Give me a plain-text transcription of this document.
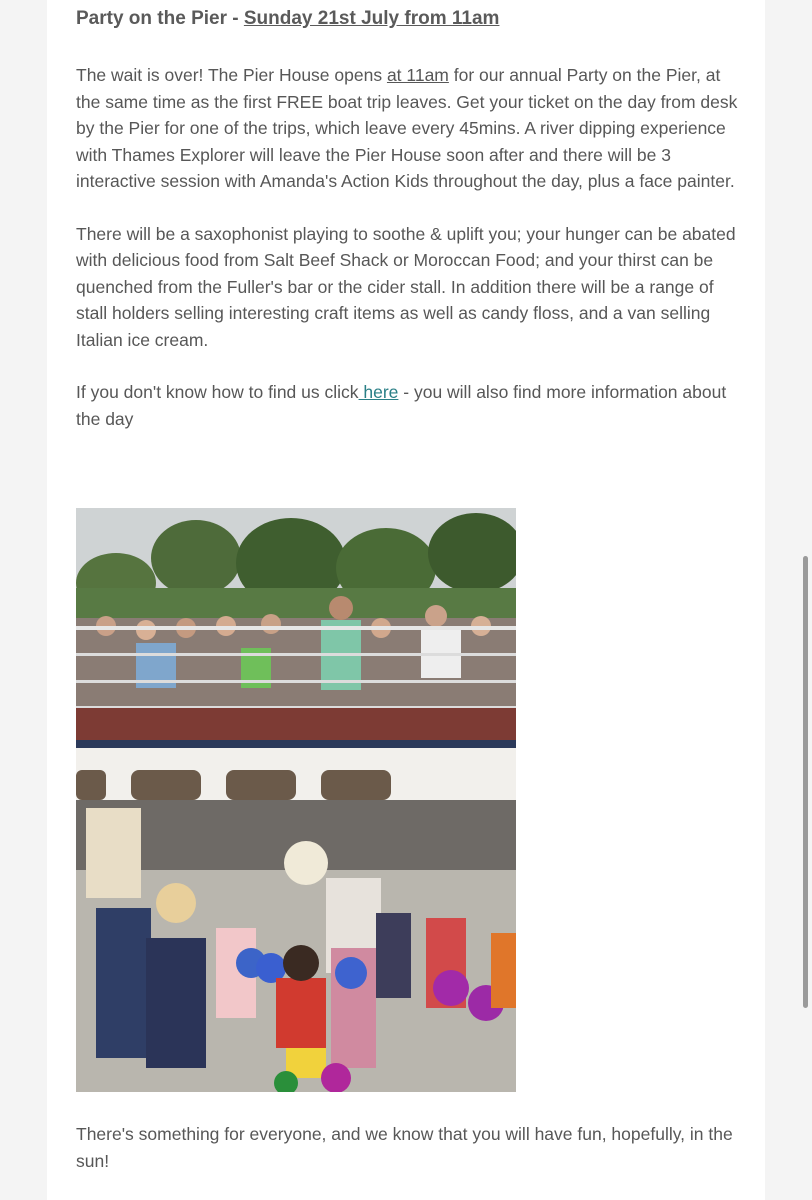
Party on the Pier - Sunday 21st July from 11am

The wait is over! The Pier House opens at 11am for our annual Party on the Pier, at the same time as the first FREE boat trip leaves. Get your ticket on the day from desk by the Pier for one of the trips, which leave every 45mins. A river dipping experience with Thames Explorer will leave the Pier House soon after and there will be 3 interactive session with Amanda's Action Kids throughout the day, plus a face painter.

There will be a saxophonist playing to soothe & uplift you; your hunger can be abated with delicious food from Salt Beef Shack or Moroccan Food; and your thirst can be quenched from the Fuller's bar or the cider stall. In addition there will be a range of stall holders selling interesting craft items as well as candy floss, and a van selling Italian ice cream.

If you don't know how to find us click here - you will also find more information about the day

There's something for everyone, and we know that you will have fun, hopefully, in the sun!
